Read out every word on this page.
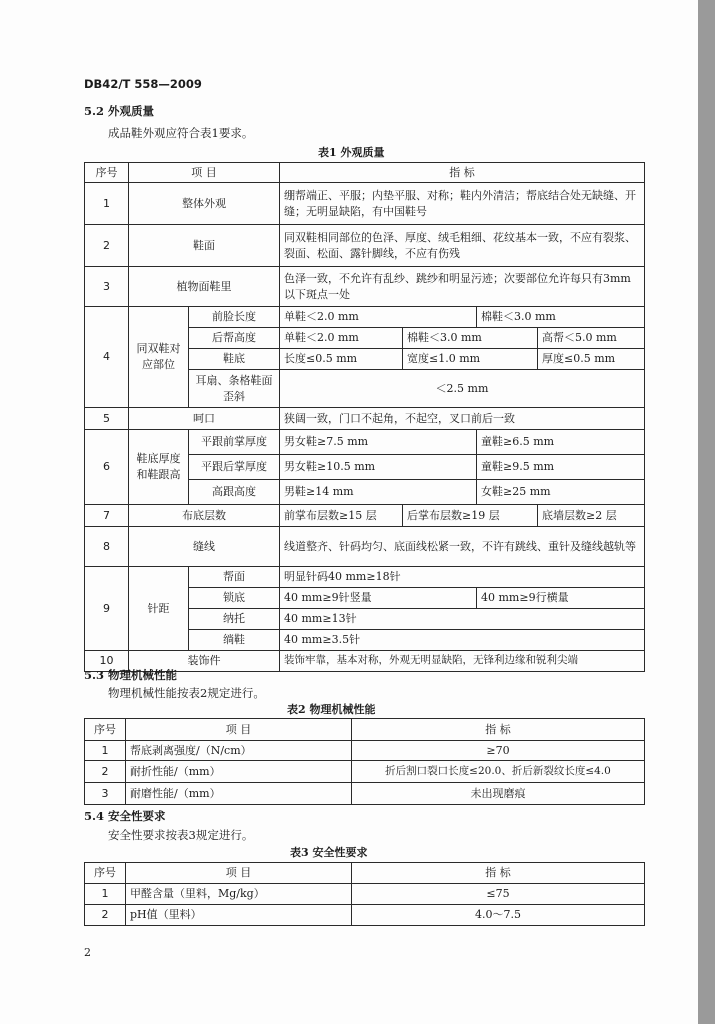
DB42/T 558—2009
5.2 外观质量
成品鞋外观应符合表1要求。
表1 外观质量
序号	项 目		指 标			
1	整体外观		绷帮端正、平服；内垫平服、对称；鞋内外清洁；帮底结合处无缺缝、开缝；无明显缺陷，有中国鞋号			
2	鞋面		同双鞋相同部位的色泽、厚度、绒毛粗细、花纹基本一致，不应有裂浆、裂面、松面、露针脚线，不应有伤残			
3	植物面鞋里		色泽一致，不允许有乱纱、跳纱和明显污迹；次要部位允许每只有3mm以下斑点一处			
4	同双鞋对应部位	前脸长度	单鞋＜2.0 mm		棉鞋＜3.0 mm	
		后帮高度	单鞋＜2.0 mm	棉鞋＜3.0 mm		高帮＜5.0 mm
		鞋底	长度≤0.5 mm	宽度≤1.0 mm		厚度≤0.5 mm
		耳扇、条格鞋面歪斜	＜2.5 mm			
5	呵口		狭阔一致，门口不起角，不起空，叉口前后一致			
6	鞋底厚度和鞋跟高	平跟前掌厚度	男女鞋≥7.5 mm		童鞋≥6.5 mm	
		平跟后掌厚度	男女鞋≥10.5 mm		童鞋≥9.5 mm	
		高跟高度	男鞋≥14 mm		女鞋≥25 mm	
7	布底层数		前掌布层数≥15 层	后掌布层数≥19 层		底墙层数≥2 层
8	缝线		线道整齐、针码均匀、底面线松紧一致，不许有跳线、重针及缝线越轨等			
9	针距	帮面	明显针码40 mm≥18针			
		锁底	40 mm≥9针竖量		40 mm≥9行横量	
		纳托	40 mm≥13针			
		绱鞋	40 mm≥3.5针			
10	装饰件		装饰牢靠，基本对称，外观无明显缺陷，无锋利边缘和锐利尖端			
5.3 物理机械性能
物理机械性能按表2规定进行。
表2 物理机械性能
序号	项 目	指 标
1	帮底剥离强度/（N/cm）	≥70
2	耐折性能/（mm）	折后割口裂口长度≤20.0、折后新裂纹长度≤4.0
3	耐磨性能/（mm）	未出现磨痕
5.4 安全性要求
安全性要求按表3规定进行。
表3 安全性要求
序号	项 目	指 标
1	甲醛含量（里料，Mg/kg）	≤75
2	pH值（里料）	4.0～7.5
2
